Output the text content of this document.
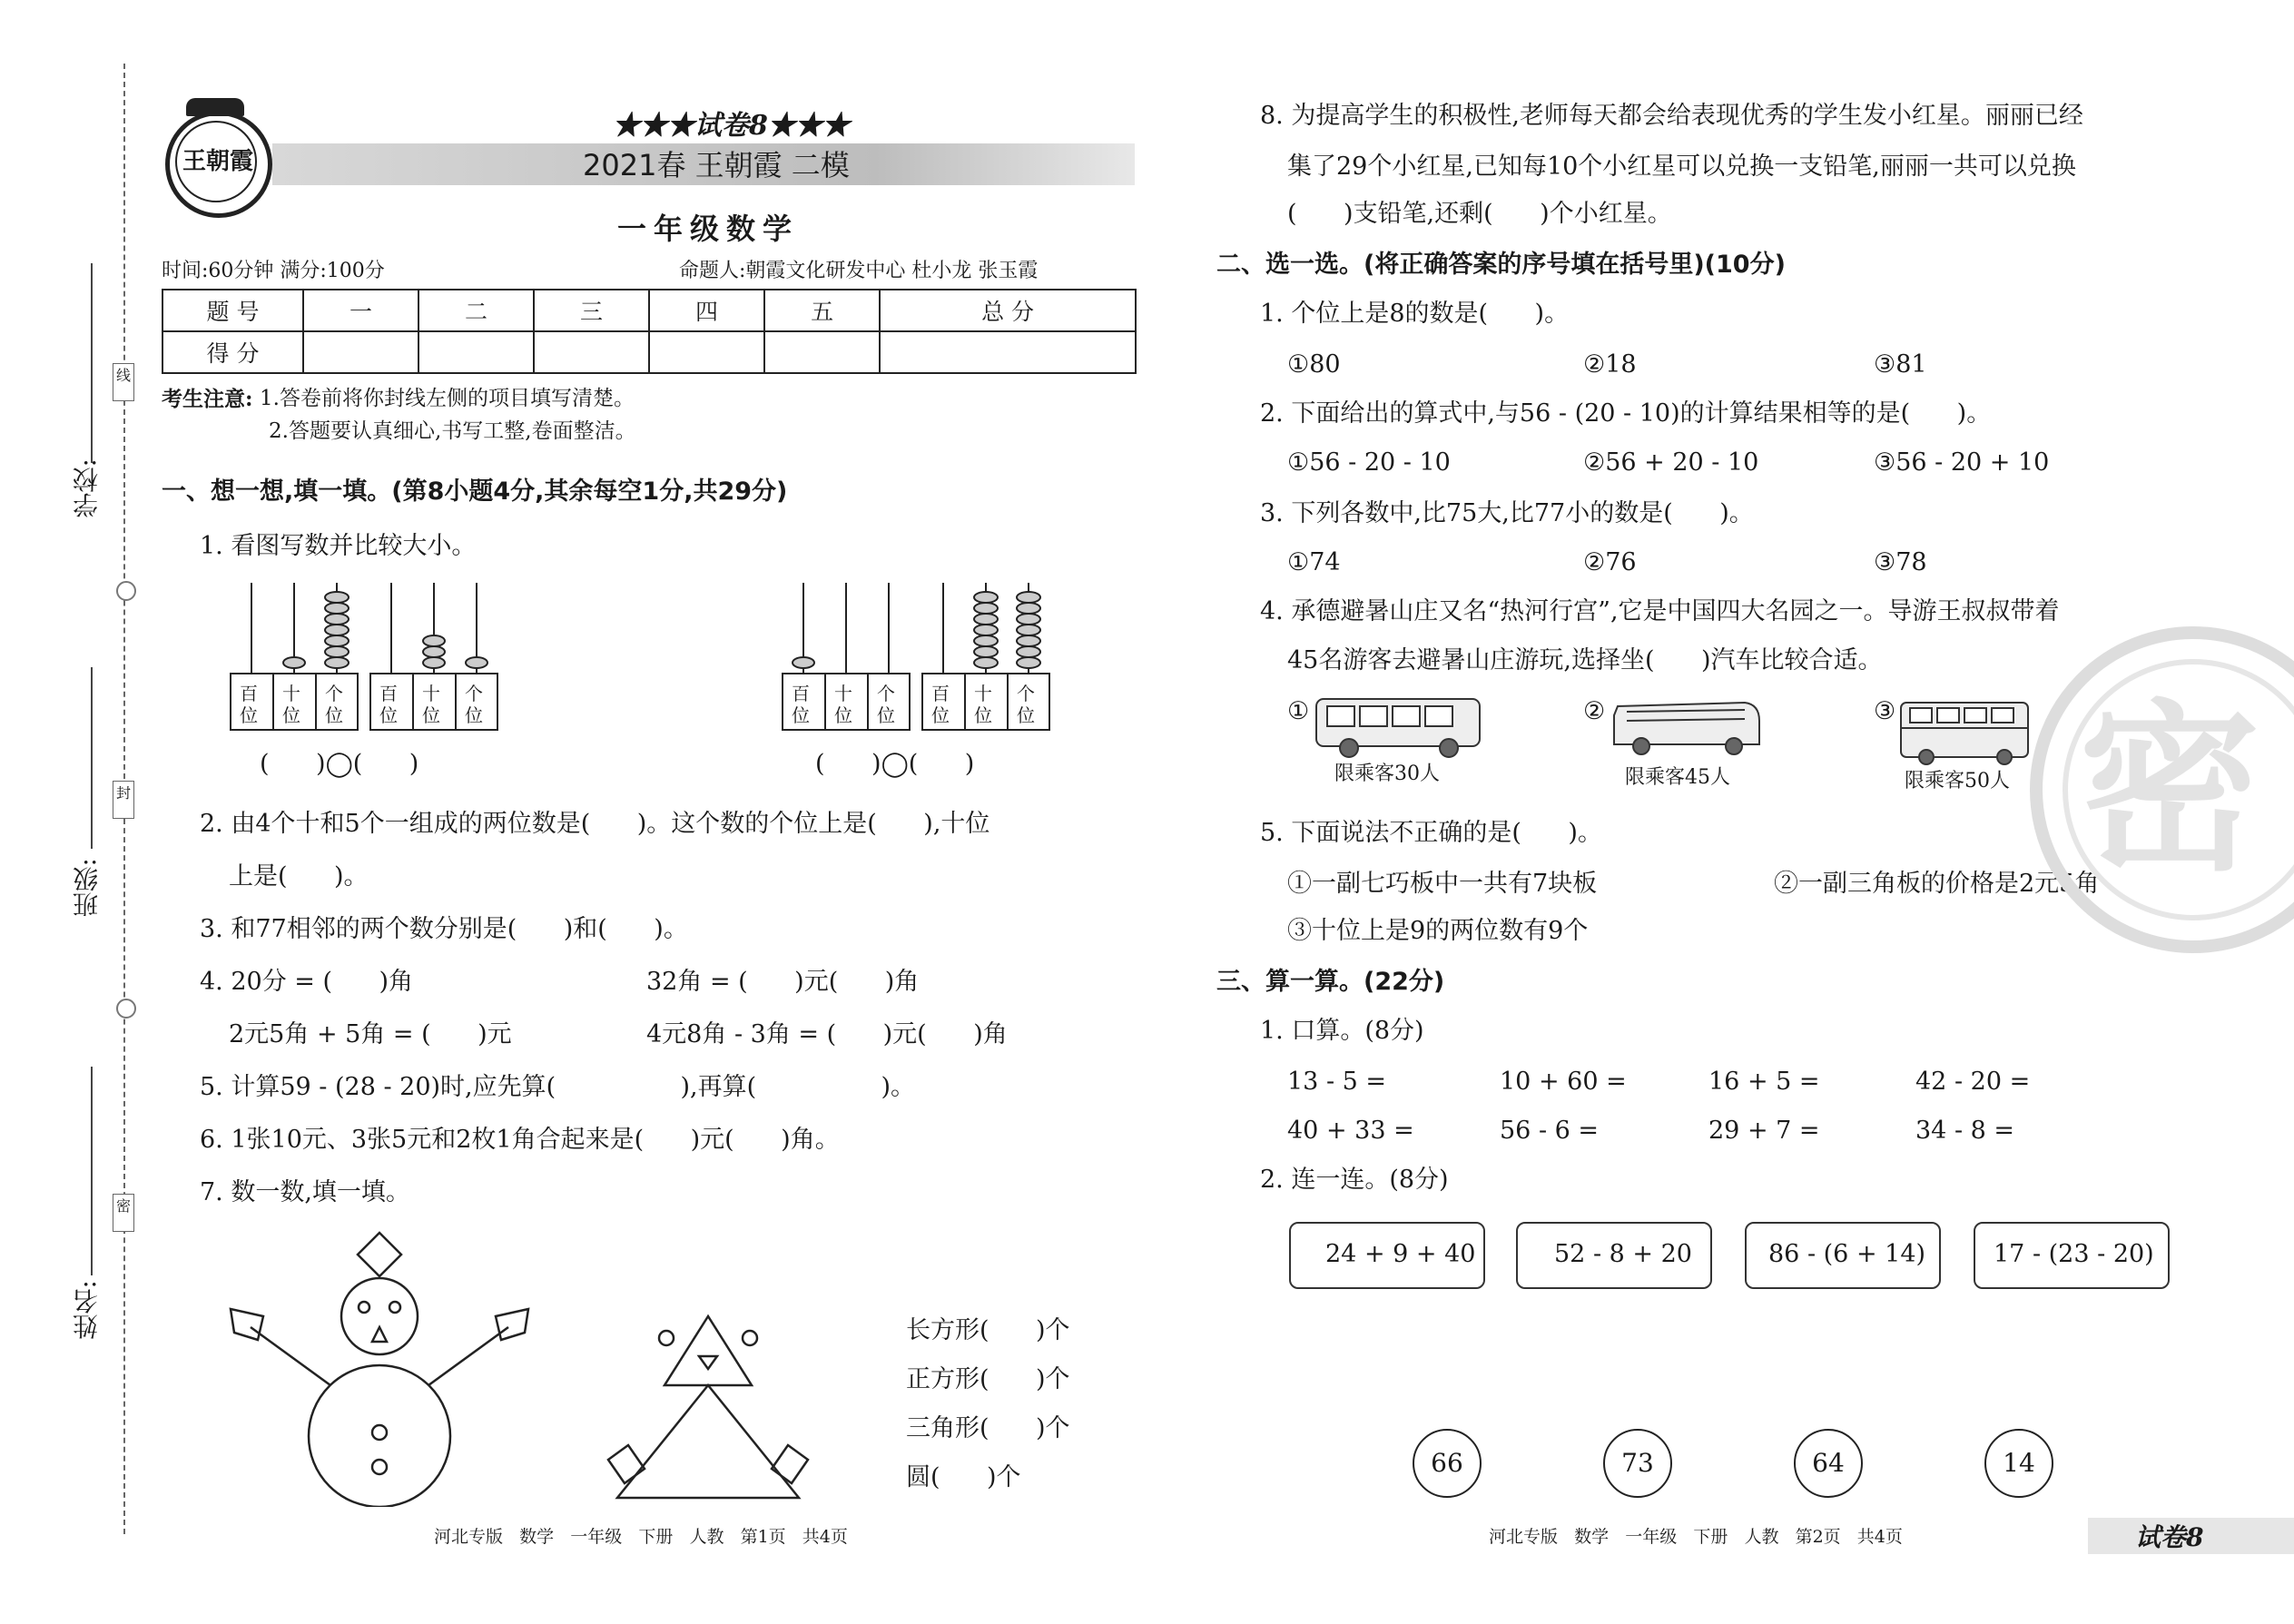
学校:
班级:
姓名:
线
封
密
王朝霞
★★★试卷8★★★
2021春 王朝霞 二模
一年级数学
时间:60分钟 满分:100分	命题人:朝霞文化研发中心 杜小龙 张玉霞
题 号	一	二	三	四	五	总 分
得 分						
考生注意: 1.答卷前将你封线左侧的项目填写清楚。
2.答题要认真细心,书写工整,卷面整洁。
一、想一想,填一填。(第8小题4分,其余每空1分,共29分)
1. 看图写数并比较大小。
百
位
十
位
个
位
百
位
十
位
个
位
百
位
十
位
个
位
百
位
十
位
个
位
(      )◯(      )	(      )◯(      )
2. 由4个十和5个一组成的两位数是(      )。这个数的个位上是(      ),十位
上是(      )。
3. 和77相邻的两个数分别是(      )和(      )。
4. 20分 = (      )角	32角 = (      )元(      )角
2元5角 + 5角 = (      )元	4元8角 - 3角 = (      )元(      )角
5. 计算59 - (28 - 20)时,应先算(                ),再算(                )。
6. 1张10元、3张5元和2枚1角合起来是(      )元(      )角。
7. 数一数,填一填。
长方形(      )个
正方形(      )个
三角形(      )个
圆(      )个
河北专版   数学   一年级   下册   人教   第1页   共4页
8. 为提高学生的积极性,老师每天都会给表现优秀的学生发小红星。丽丽已经
集了29个小红星,已知每10个小红星可以兑换一支铅笔,丽丽一共可以兑换
(      )支铅笔,还剩(      )个小红星。
二、选一选。(将正确答案的序号填在括号里)(10分)
1. 个位上是8的数是(      )。
①80	②18	③81
2. 下面给出的算式中,与56 - (20 - 10)的计算结果相等的是(      )。
①56 - 20 - 10	②56 + 20 - 10	③56 - 20 + 10
3. 下列各数中,比75大,比77小的数是(      )。
①74	②76	③78
4. 承德避暑山庄又名“热河行宫”,它是中国四大名园之一。导游王叔叔带着
45名游客去避暑山庄游玩,选择坐(      )汽车比较合适。
①
限乘客30人
②
限乘客45人
③
限乘客50人
5. 下面说法不正确的是(      )。
①一副七巧板中一共有7块板	②一副三角板的价格是2元5角
③十位上是9的两位数有9个
三、算一算。(22分)
1. 口算。(8分)
13 - 5 =	10 + 60 =	16 + 5 =	42 - 20 =
40 + 33 =	56 - 6 =	29 + 7 =	34 - 8 =
2. 连一连。(8分)
24 + 9 + 40	52 - 8 + 20	86 - (6 + 14)	17 - (23 - 20)
66	73	64	14
密
河北专版   数学   一年级   下册   人教   第2页   共4页	试卷8
